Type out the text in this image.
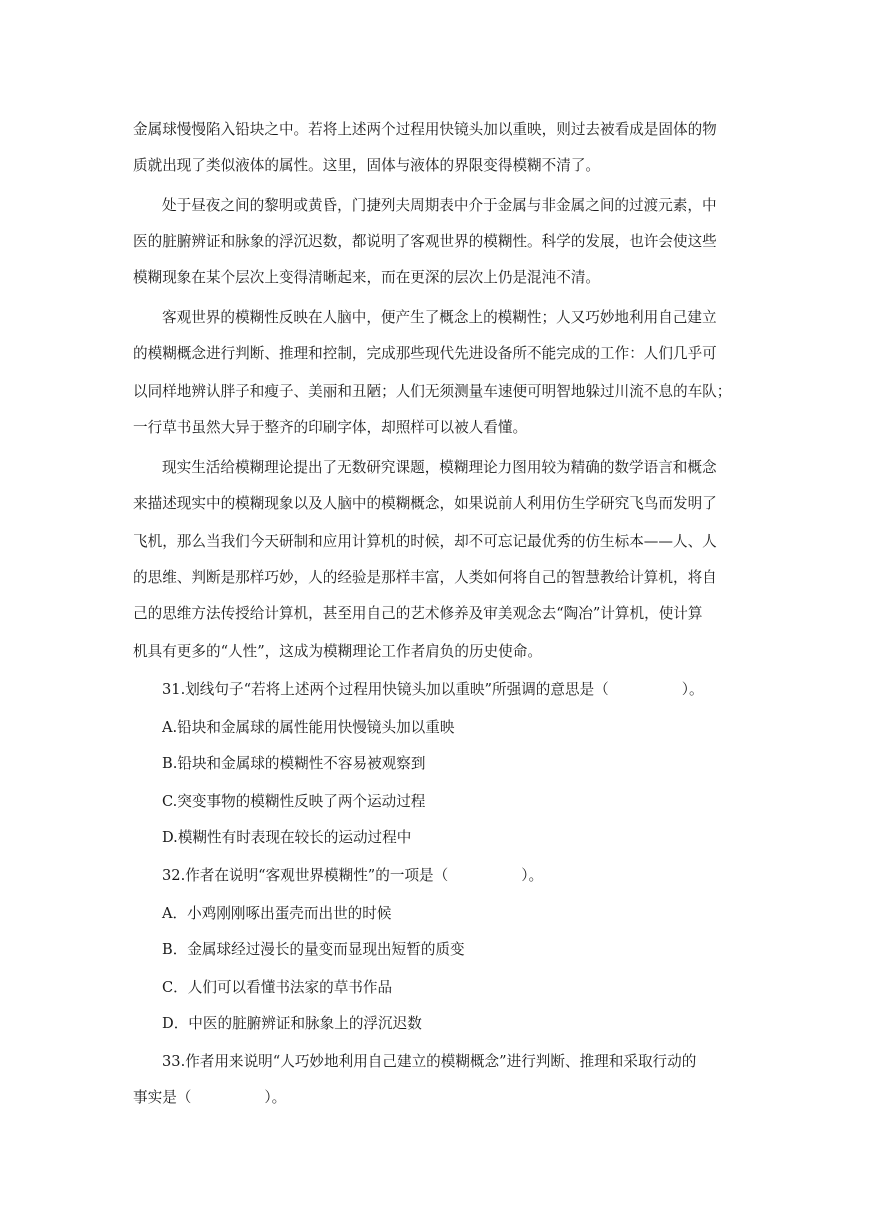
金属球慢慢陷入铅块之中。若将上述两个过程用快镜头加以重映，则过去被看成是固体的物
质就出现了类似液体的属性。这里，固体与液体的界限变得模糊不清了。
处于昼夜之间的黎明或黄昏，门捷列夫周期表中介于金属与非金属之间的过渡元素，中
医的脏腑辨证和脉象的浮沉迟数，都说明了客观世界的模糊性。科学的发展，也许会使这些
模糊现象在某个层次上变得清晰起来，而在更深的层次上仍是混沌不清。
客观世界的模糊性反映在人脑中，便产生了概念上的模糊性；人又巧妙地利用自己建立
的模糊概念进行判断、推理和控制，完成那些现代先进设备所不能完成的工作：人们几乎可
以同样地辨认胖子和瘦子、美丽和丑陋；人们无须测量车速便可明智地躲过川流不息的车队；
一行草书虽然大异于整齐的印刷字体，却照样可以被人看懂。
现实生活给模糊理论提出了无数研究课题，模糊理论力图用较为精确的数学语言和概念
来描述现实中的模糊现象以及人脑中的模糊概念，如果说前人利用仿生学研究飞鸟而发明了
飞机，那么当我们今天研制和应用计算机的时候，却不可忘记最优秀的仿生标本——人、人
的思维、判断是那样巧妙，人的经验是那样丰富，人类如何将自己的智慧教给计算机，将自
己的思维方法传授给计算机，甚至用自己的艺术修养及审美观念去“陶冶”计算机，使计算
机具有更多的“人性”，这成为模糊理论工作者肩负的历史使命。
31.划线句子“若将上述两个过程用快镜头加以重映”所强调的意思是（　　　　　）。
A.铅块和金属球的属性能用快慢镜头加以重映
B.铅块和金属球的模糊性不容易被观察到
C.突变事物的模糊性反映了两个运动过程
D.模糊性有时表现在较长的运动过程中
32.作者在说明“客观世界模糊性”的一项是（　　　　　）。
A．小鸡刚刚啄出蛋壳而出世的时候
B．金属球经过漫长的量变而显现出短暂的质变
C．人们可以看懂书法家的草书作品
D．中医的脏腑辨证和脉象上的浮沉迟数
33.作者用来说明“人巧妙地利用自己建立的模糊概念”进行判断、推理和采取行动的
事实是（　　　　　）。
